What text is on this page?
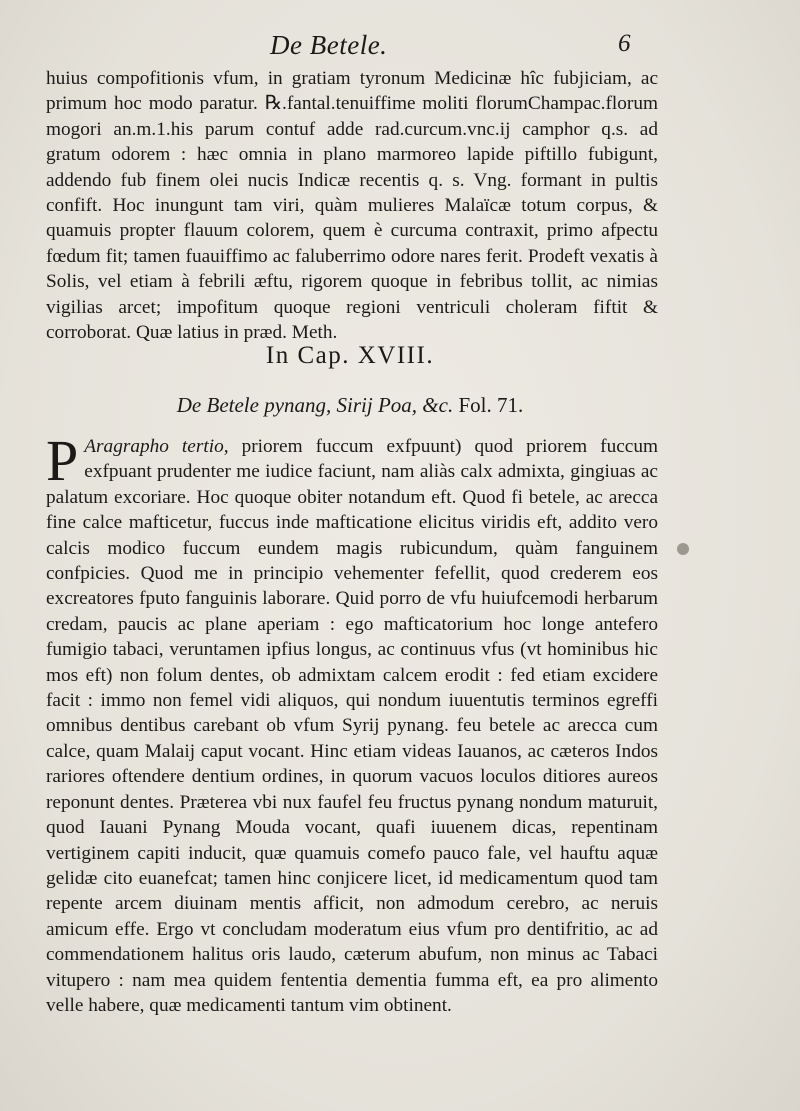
De Betele.	6

huius compofitionis vfum, in gratiam tyronum Medicinæ hîc fubjiciam, ac primum hoc modo paratur. ℞.fantal.tenuiffime moliti florumChampac.florum mogori an.m.1.his parum contuf adde rad.curcum.vnc.ij camphor q.s. ad gratum odorem : hæc omnia in plano marmoreo lapide piftillo fubigunt, addendo fub finem olei nucis Indicæ recentis q. s. Vng. formant in pultis confift. Hoc inungunt tam viri, quàm mulieres Malaïcæ totum corpus, & quamuis propter flauum colorem, quem è curcuma contraxit, primo afpectu fœdum fit; tamen fuauiffimo ac faluberrimo odore nares ferit. Prodeft vexatis à Solis, vel etiam à febrili æftu, rigorem quoque in febribus tollit, ac nimias vigilias arcet; impofitum quoque regioni ventriculi choleram fiftit & corroborat. Quæ latius in præd. Meth.

In Cap. XVIII.
De Betele pynang, Sirij Poa, &c. Fol. 71.

P Aragrapho tertio, priorem fuccum exfpuunt) quod priorem fuccum exfpuant prudenter me iudice faciunt, nam aliàs calx admixta, gingiuas ac palatum excoriare. Hoc quoque obiter notandum eft. Quod fi betele, ac arecca fine calce mafticetur, fuccus inde mafticatione elicitus viridis eft, addito vero calcis modico fuccum eundem magis rubicundum, quàm fanguinem confpicies. Quod me in principio vehementer fefellit, quod crederem eos excreatores fputo fanguinis laborare. Quid porro de vfu huiufcemodi herbarum credam, paucis ac plane aperiam : ego mafticatorium hoc longe antefero fumigio tabaci, veruntamen ipfius longus, ac continuus vfus (vt hominibus hic mos eft) non folum dentes, ob admixtam calcem erodit : fed etiam excidere facit : immo non femel vidi aliquos, qui nondum iuuentutis terminos egreffi omnibus dentibus carebant ob vfum Syrij pynang. feu betele ac arecca cum calce, quam Malaij caput vocant. Hinc etiam videas Iauanos, ac cæteros Indos rariores oftendere dentium ordines, in quorum vacuos loculos ditiores aureos reponunt dentes. Præterea vbi nux faufel feu fructus pynang nondum maturuit, quod Iauani Pynang Mouda vocant, quafi iuuenem dicas, repentinam vertiginem capiti inducit, quæ quamuis comefo pauco fale, vel hauftu aquæ gelidæ cito euanefcat; tamen hinc conjicere licet, id medicamentum quod tam repente arcem diuinam mentis afficit, non admodum cerebro, ac neruis amicum effe. Ergo vt concludam moderatum eius vfum pro dentifritio, ac ad commendationem halitus oris laudo, cæterum abufum, non minus ac Tabaci vitupero : nam mea quidem fententia dementia fumma eft, ea pro alimento velle habere, quæ medicamenti tantum vim obtinent.
